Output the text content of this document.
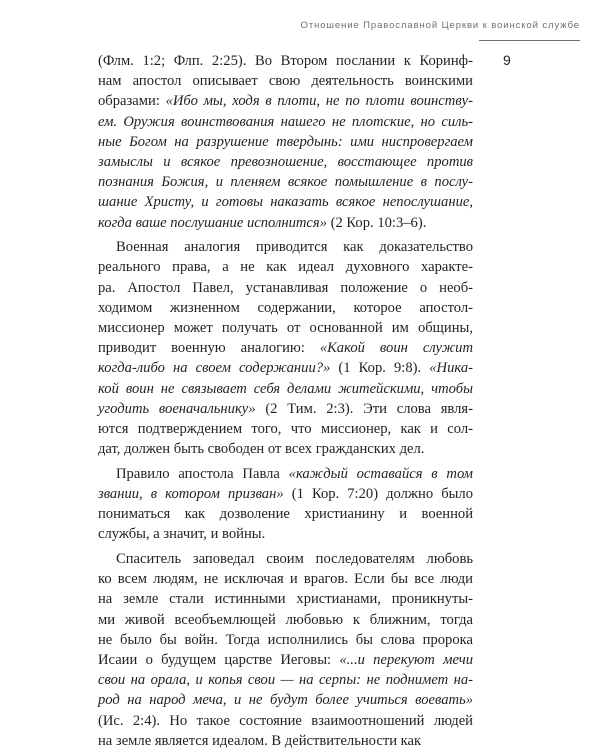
Отношение Православной Церкви к воинской службе
9
(Флм. 1:2; Флп. 2:25). Во Втором послании к Коринф-
нам апостол описывает свою деятельность воинскими
образами: «Ибо мы, ходя в плоти, не по плоти воинству-
ем. Оружия воинствования нашего не плотские, но силь-
ные Богом на разрушение твердынь: ими ниспровергаем
замыслы и всякое превозношение, восстающее против
познания Божия, и пленяем всякое помышление в послу-
шание Христу, и готовы наказать всякое непослушание,
когда ваше послушание исполнится» (2 Кор. 10:3–6).
Военная аналогия приводится как доказательство
реального права, а не как идеал духовного характе-
ра. Апостол Павел, устанавливая положение о необ-
ходимом жизненном содержании, которое апостол-
миссионер может получать от основанной им общины,
приводит военную аналогию: «Какой воин служит
когда-либо на своем содержании?» (1 Кор. 9:8). «Ника-
кой воин не связывает себя делами житейскими, чтобы
угодить военачальнику» (2 Тим. 2:3). Эти слова явля-
ются подтверждением того, что миссионер, как и сол-
дат, должен быть свободен от всех гражданских дел.
Правило апостола Павла «каждый оставайся в том
звании, в котором призван» (1 Кор. 7:20) должно было
пониматься как дозволение христианину и военной
службы, а значит, и войны.
Спаситель заповедал своим последователям любовь
ко всем людям, не исключая и врагов. Если бы все люди
на земле стали истинными христианами, проникнуты-
ми живой всеобъемлющей любовью к ближним, тогда
не было бы войн. Тогда исполнились бы слова пророка
Исаии о будущем царстве Иеговы: «...и перекуют мечи
свои на орала, и копья свои — на серпы: не поднимет на-
род на народ меча, и не будут более учиться воевать»
(Ис. 2:4). Но такое состояние взаимоотношений людей
на земле является идеалом. В действительности как
